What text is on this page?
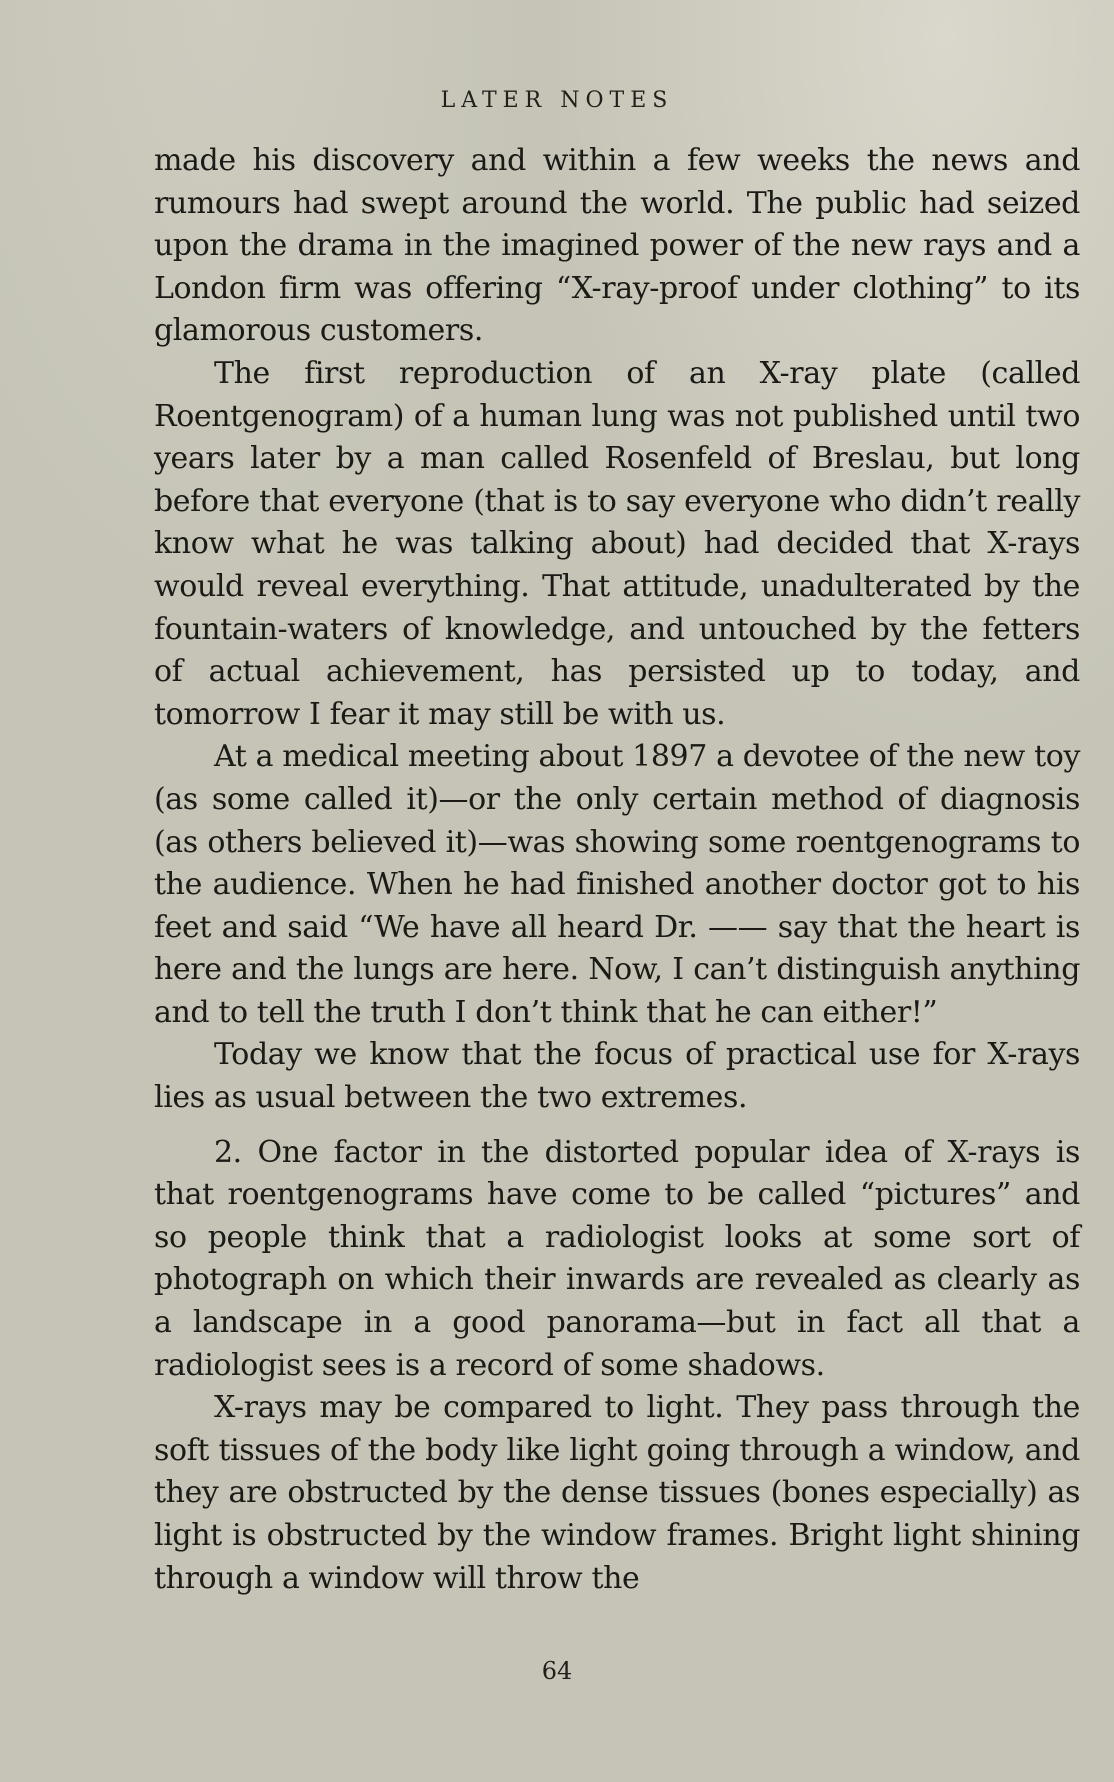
LATER NOTES

made his discovery and within a few weeks the news and rumours had swept around the world. The public had seized upon the drama in the imagined power of the new rays and a London firm was offering “X-ray-proof under clothing” to its glamorous customers.

The first reproduction of an X-ray plate (called Roentgenogram) of a human lung was not published until two years later by a man called Rosenfeld of Breslau, but long before that everyone (that is to say everyone who didn’t really know what he was talking about) had decided that X-rays would reveal everything. That attitude, unadulterated by the fountain-waters of knowledge, and untouched by the fetters of actual achievement, has persisted up to today, and tomorrow I fear it may still be with us.

At a medical meeting about 1897 a devotee of the new toy (as some called it)—or the only certain method of diagnosis (as others believed it)—was showing some roentgenograms to the audience. When he had finished another doctor got to his feet and said “We have all heard Dr. —— say that the heart is here and the lungs are here. Now, I can’t distinguish anything and to tell the truth I don’t think that he can either!”

Today we know that the focus of practical use for X-rays lies as usual between the two extremes.

2. One factor in the distorted popular idea of X-rays is that roentgenograms have come to be called “pictures” and so people think that a radiologist looks at some sort of photograph on which their inwards are revealed as clearly as a landscape in a good panorama—but in fact all that a radiologist sees is a record of some shadows.

X-rays may be compared to light. They pass through the soft tissues of the body like light going through a window, and they are obstructed by the dense tissues (bones especially) as light is obstructed by the window frames. Bright light shining through a window will throw the

64
